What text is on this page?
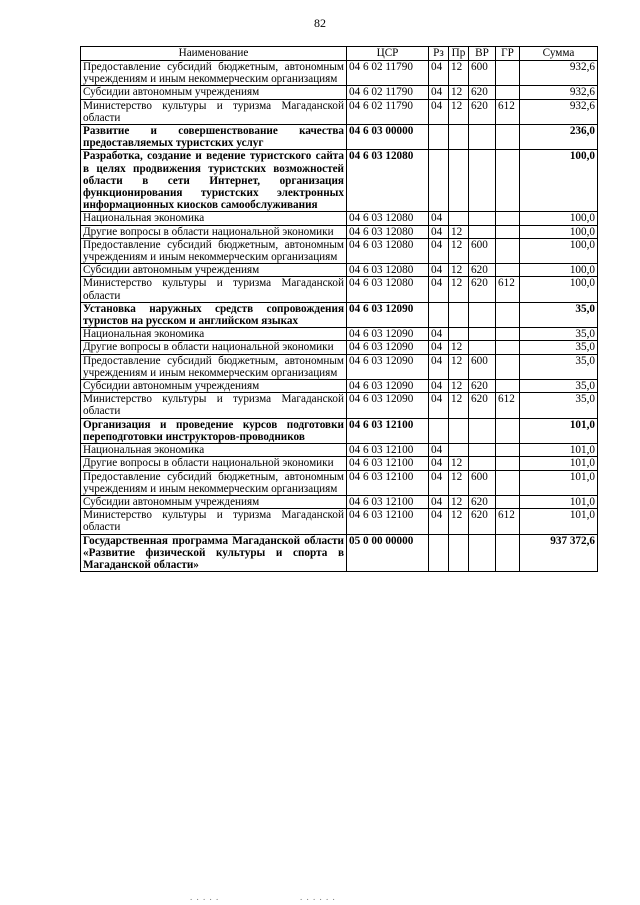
82
Наименование	ЦСР	Рз	Пр	ВР	ГР	Сумма
Предоставление субсидий бюджетным, автономным учреждениям и иным некоммерческим организациям	04 6 02 11790	04	12	600		932,6
Субсидии автономным учреждениям	04 6 02 11790	04	12	620		932,6
Министерство культуры и туризма Магаданской области	04 6 02 11790	04	12	620	612	932,6
Развитие и совершенствование качества предоставляемых туристских услуг	04 6 03 00000					236,0
Разработка, создание и ведение туристского сайта в целях продвижения туристских возможностей области в сети Интернет, организация функционирования туристских электронных информационных киосков самообслуживания	04 6 03 12080					100,0
Национальная экономика	04 6 03 12080	04				100,0
Другие вопросы в области национальной экономики	04 6 03 12080	04	12			100,0
Предоставление субсидий бюджетным, автономным учреждениям и иным некоммерческим организациям	04 6 03 12080	04	12	600		100,0
Субсидии автономным учреждениям	04 6 03 12080	04	12	620		100,0
Министерство культуры и туризма Магаданской области	04 6 03 12080	04	12	620	612	100,0
Установка наружных средств сопровождения туристов на русском и английском языках	04 6 03 12090					35,0
Национальная экономика	04 6 03 12090	04				35,0
Другие вопросы в области национальной экономики	04 6 03 12090	04	12			35,0
Предоставление субсидий бюджетным, автономным учреждениям и иным некоммерческим организациям	04 6 03 12090	04	12	600		35,0
Субсидии автономным учреждениям	04 6 03 12090	04	12	620		35,0
Министерство культуры и туризма Магаданской области	04 6 03 12090	04	12	620	612	35,0
Организация и проведение курсов подготовки переподготовки инструкторов-проводников	04 6 03 12100					101,0
Национальная экономика	04 6 03 12100	04				101,0
Другие вопросы в области национальной экономики	04 6 03 12100	04	12			101,0
Предоставление субсидий бюджетным, автономным учреждениям и иным некоммерческим организациям	04 6 03 12100	04	12	600		101,0
Субсидии автономным учреждениям	04 6 03 12100	04	12	620		101,0
Министерство культуры и туризма Магаданской области	04 6 03 12100	04	12	620	612	101,0
Государственная программа Магаданской области «Развитие физической культуры и спорта в Магаданской области»	05 0 00 00000					937 372,6
. . . . .	. . . . . .
